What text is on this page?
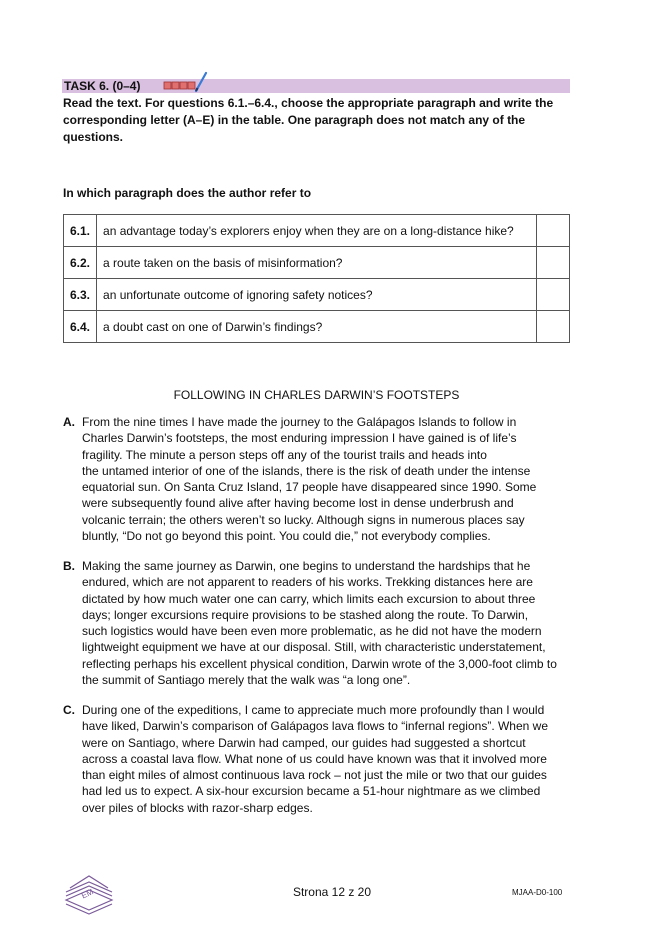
TASK 6. (0–4)

Read the text. For questions 6.1.–6.4., choose the appropriate paragraph and write the corresponding letter (A–E) in the table. One paragraph does not match any of the questions.

In which paragraph does the author refer to

6.1.	an advantage today’s explorers enjoy when they are on a long-distance hike?	
6.2.	a route taken on the basis of misinformation?	
6.3.	an unfortunate outcome of ignoring safety notices?	
6.4.	a doubt cast on one of Darwin’s findings?	

FOLLOWING IN CHARLES DARWIN’S FOOTSTEPS

A. From the nine times I have made the journey to the Galápagos Islands to follow in
Charles Darwin’s footsteps, the most enduring impression I have gained is of life’s
fragility. The minute a person steps off any of the tourist trails and heads into
the untamed interior of one of the islands, there is the risk of death under the intense
equatorial sun. On Santa Cruz Island, 17 people have disappeared since 1990. Some
were subsequently found alive after having become lost in dense underbrush and
volcanic terrain; the others weren’t so lucky. Although signs in numerous places say
bluntly, “Do not go beyond this point. You could die,” not everybody complies.
B. Making the same journey as Darwin, one begins to understand the hardships that he
endured, which are not apparent to readers of his works. Trekking distances here are
dictated by how much water one can carry, which limits each excursion to about three
days; longer excursions require provisions to be stashed along the route. To Darwin,
such logistics would have been even more problematic, as he did not have the modern
lightweight equipment we have at our disposal. Still, with characteristic understatement,
reflecting perhaps his excellent physical condition, Darwin wrote of the 3,000-foot climb to
the summit of Santiago merely that the walk was “a long one”.
C. During one of the expeditions, I came to appreciate much more profoundly than I would
have liked, Darwin’s comparison of Galápagos lava flows to “infernal regions”. When we
were on Santiago, where Darwin had camped, our guides had suggested a shortcut
across a coastal lava flow. What none of us could have known was that it involved more
than eight miles of almost continuous lava rock – not just the mile or two that our guides
had led us to expect. A six-hour excursion became a 51-hour nightmare as we climbed
over piles of blocks with razor-sharp edges.
EM	Strona 12 z 20	MJAA-D0-100
